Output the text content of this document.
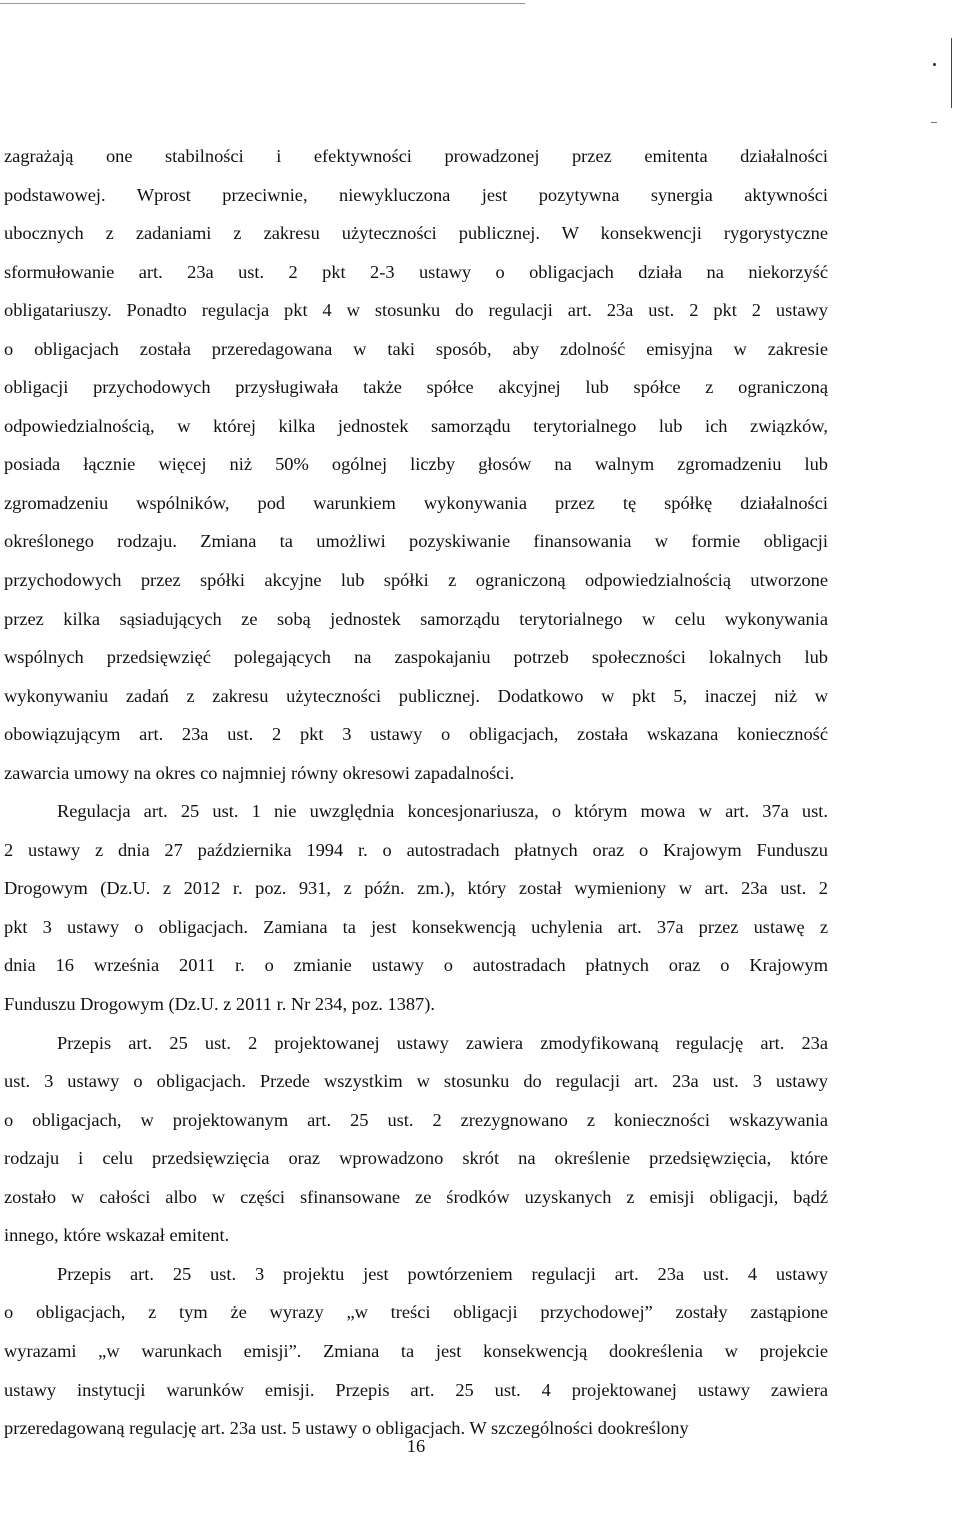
zagrażają one stabilności i efektywności prowadzonej przez emitenta działalności
podstawowej. Wprost przeciwnie, niewykluczona jest pozytywna synergia aktywności
ubocznych z zadaniami z zakresu użyteczności publicznej. W konsekwencji rygorystyczne
sformułowanie art. 23a ust. 2 pkt 2-3 ustawy o obligacjach działa na niekorzyść
obligatariuszy. Ponadto regulacja pkt 4 w stosunku do regulacji art. 23a ust. 2 pkt 2 ustawy
o obligacjach została przeredagowana w taki sposób, aby zdolność emisyjna w zakresie
obligacji przychodowych przysługiwała także spółce akcyjnej lub spółce z ograniczoną
odpowiedzialnością, w której kilka jednostek samorządu terytorialnego lub ich związków,
posiada łącznie więcej niż 50% ogólnej liczby głosów na walnym zgromadzeniu lub
zgromadzeniu wspólników, pod warunkiem wykonywania przez tę spółkę działalności
określonego rodzaju. Zmiana ta umożliwi pozyskiwanie finansowania w formie obligacji
przychodowych przez spółki akcyjne lub spółki z ograniczoną odpowiedzialnością utworzone
przez kilka sąsiadujących ze sobą jednostek samorządu terytorialnego w celu wykonywania
wspólnych przedsięwzięć polegających na zaspokajaniu potrzeb społeczności lokalnych lub
wykonywaniu zadań z zakresu użyteczności publicznej. Dodatkowo w pkt 5, inaczej niż w
obowiązującym art. 23a ust. 2 pkt 3 ustawy o obligacjach, została wskazana konieczność
zawarcia umowy na okres co najmniej równy okresowi zapadalności.

Regulacja art. 25 ust. 1 nie uwzględnia koncesjonariusza, o którym mowa w art. 37a ust.
2 ustawy z dnia 27 października 1994 r. o autostradach płatnych oraz o Krajowym Funduszu
Drogowym (Dz.U. z 2012 r. poz. 931, z późn. zm.), który został wymieniony w art. 23a ust. 2
pkt 3 ustawy o obligacjach. Zamiana ta jest konsekwencją uchylenia art. 37a przez ustawę z
dnia 16 września 2011 r. o zmianie ustawy o autostradach płatnych oraz o Krajowym
Funduszu Drogowym (Dz.U. z 2011 r. Nr 234, poz. 1387).

Przepis art. 25 ust. 2 projektowanej ustawy zawiera zmodyfikowaną regulację art. 23a
ust. 3 ustawy o obligacjach. Przede wszystkim w stosunku do regulacji art. 23a ust. 3 ustawy
o obligacjach, w projektowanym art. 25 ust. 2 zrezygnowano z konieczności wskazywania
rodzaju i celu przedsięwzięcia oraz wprowadzono skrót na określenie przedsięwzięcia, które
zostało w całości albo w części sfinansowane ze środków uzyskanych z emisji obligacji, bądź
innego, które wskazał emitent.

Przepis art. 25 ust. 3 projektu jest powtórzeniem regulacji art. 23a ust. 4 ustawy
o obligacjach, z tym że wyrazy „w treści obligacji przychodowej” zostały zastąpione
wyrazami „w warunkach emisji”. Zmiana ta jest konsekwencją dookreślenia w projekcie
ustawy instytucji warunków emisji. Przepis art. 25 ust. 4 projektowanej ustawy zawiera
przeredagowaną regulację art. 23a ust. 5 ustawy o obligacjach. W szczególności dookreślony

16
